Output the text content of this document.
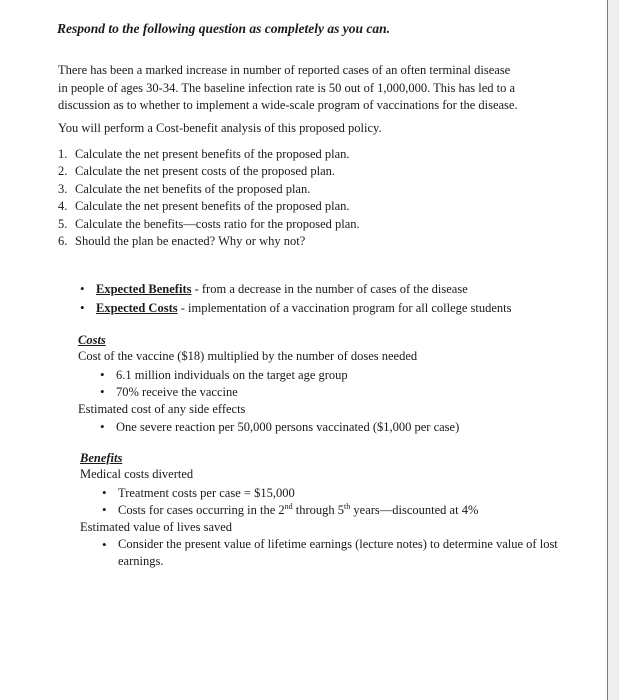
Respond to the following question as completely as you can.
There has been a marked increase in number of reported cases of an often terminal disease
in people of ages 30-34. The baseline infection rate is 50 out of 1,000,000. This has led to a
discussion as to whether to implement a wide-scale program of vaccinations for the disease.
You will perform a Cost-benefit analysis of this proposed policy.
1. Calculate the net present benefits of the proposed plan.
2. Calculate the net present costs of the proposed plan.
3. Calculate the net benefits of the proposed plan.
4. Calculate the net present benefits of the proposed plan.
5. Calculate the benefits—costs ratio for the proposed plan.
6. Should the plan be enacted? Why or why not?
• Expected Benefits - from a decrease in the number of cases of the disease
• Expected Costs - implementation of a vaccination program for all college students
Costs
Cost of the vaccine ($18) multiplied by the number of doses needed
• 6.1 million individuals on the target age group
• 70% receive the vaccine
Estimated cost of any side effects
• One severe reaction per 50,000 persons vaccinated ($1,000 per case)
Benefits
Medical costs diverted
• Treatment costs per case = $15,000
• Costs for cases occurring in the 2nd through 5th years—discounted at 4%
Estimated value of lives saved
• Consider the present value of lifetime earnings (lecture notes) to determine value of lost earnings.
